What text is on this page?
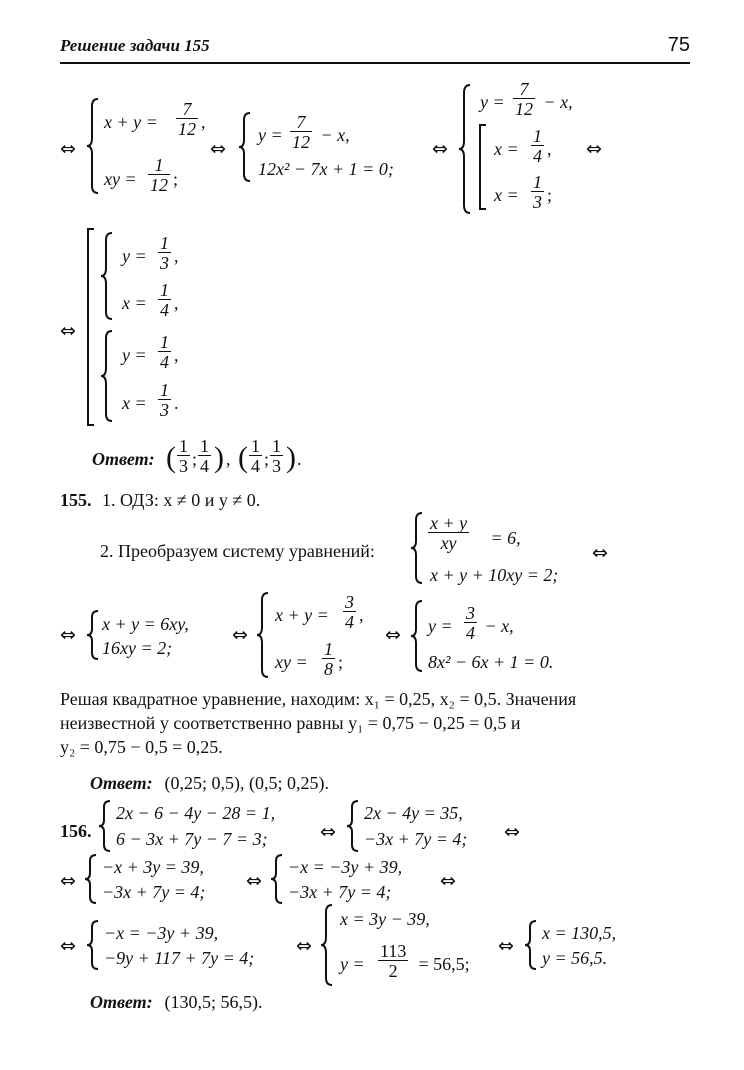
Решение задачи 155	75
⇔
$x + y = \frac{7}{12}$ ,
xy = $\frac{1}{12}$ ;
⇔
$y = \frac{7}{12} - x$,
12x² − 7x + 1 = 0;
⇔
$y = \frac{7}{12} - x$,
$x = \frac{1}{4}$ ,
$x = \frac{1}{3}$ ;
⇔
⇔
$y = \frac{1}{3}$ ,
$x = \frac{1}{4}$ ,
$y = \frac{1}{4}$ ,
$x = \frac{1}{3}$ .
Ответ: ( $\frac{1}{3}$ ; $\frac{1}{4}$ ) , ( $\frac{1}{4}$ ; $\frac{1}{3}$ ) .
155. 1. ОДЗ: x ≠ 0 и y ≠ 0.
2. Преобразуем систему уравнений:	$\frac{x + y}{xy} = 6$,
x + y + 10xy = 2;
⇔
⇔ x + y = 6xy,
16xy = 2;
⇔
$x + y = \frac{3}{4}$ ,
xy = $\frac{1}{8}$ ;
⇔ $y = \frac{3}{4} - x$,
8x² − 6x + 1 = 0.
Решая квадратное уравнение, находим: x₁ = 0,25, x₂ = 0,5. Значения
неизвестной y соответственно равны y₁ = 0,75 − 0,25 = 0,5 и
y₂ = 0,75 − 0,5 = 0,25.
Ответ: (0,25; 0,5), (0,5; 0,25).
156.
2x − 6 − 4y − 28 = 1,
6 − 3x + 7y − 7 = 3;	⇔
2x − 4y = 35,
−3x + 7y = 4; ⇔
⇔
−x + 3y = 39,
−3x + 7y = 4; ⇔
−x = −3y + 39,
−3x + 7y = 4;	⇔
⇔
−x = −3y + 39,
−9y + 117 + 7y = 4;
⇔
x = 3y − 39,
$y = \frac{113}{2} = 56,5$;
⇔
x = 130,5,
y = 56,5.
Ответ: (130,5; 56,5).
